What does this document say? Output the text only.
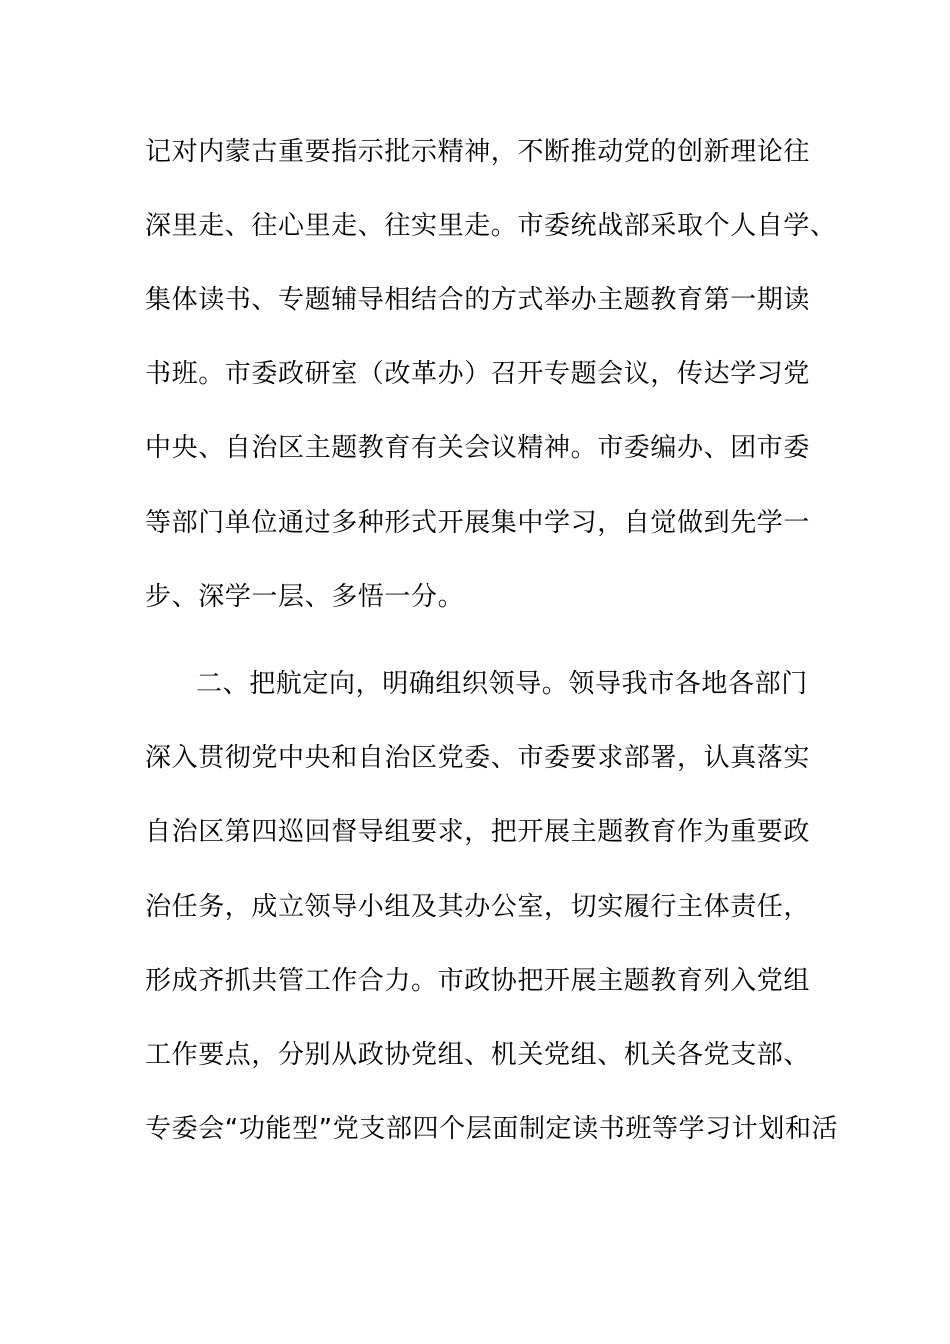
记对内蒙古重要指示批示精神，不断推动党的创新理论往
深里走、往心里走、往实里走。市委统战部采取个人自学、
集体读书、专题辅导相结合的方式举办主题教育第一期读
书班。市委政研室（改革办）召开专题会议，传达学习党
中央、自治区主题教育有关会议精神。市委编办、团市委
等部门单位通过多种形式开展集中学习，自觉做到先学一
步、深学一层、多悟一分。
二、把航定向，明确组织领导。领导我市各地各部门
深入贯彻党中央和自治区党委、市委要求部署，认真落实
自治区第四巡回督导组要求，把开展主题教育作为重要政
治任务，成立领导小组及其办公室，切实履行主体责任，
形成齐抓共管工作合力。市政协把开展主题教育列入党组
工作要点，分别从政协党组、机关党组、机关各党支部、
专委会“功能型”党支部四个层面制定读书班等学习计划和活
